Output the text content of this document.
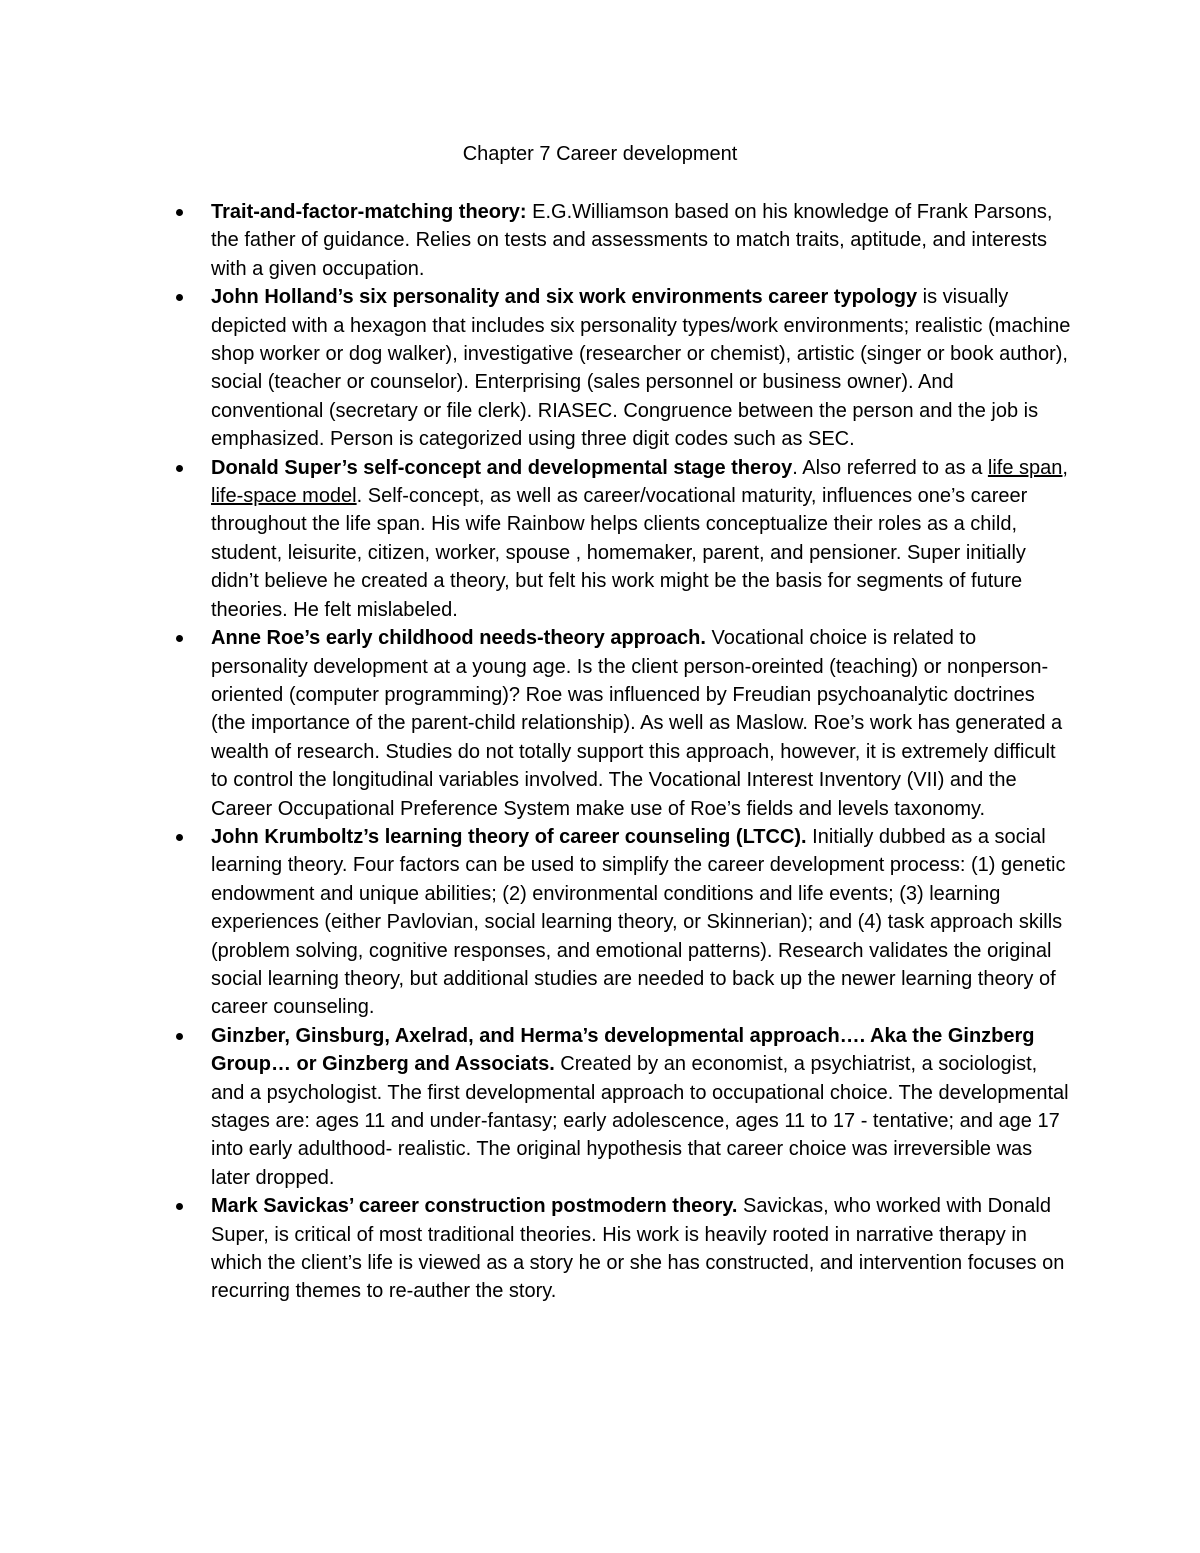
Chapter 7 Career development
Trait-and-factor-matching theory: E.G.Williamson based on his knowledge of Frank Parsons, the father of guidance. Relies on tests and assessments to match traits, aptitude, and interests with a given occupation.
John Holland’s six personality and six work environments career typology is visually depicted with a hexagon that includes six personality types/work environments; realistic (machine shop worker or dog walker), investigative (researcher or chemist), artistic (singer or book author), social (teacher or counselor). Enterprising (sales personnel or business owner). And conventional (secretary or file clerk). RIASEC. Congruence between the person and the job is emphasized. Person is categorized using three digit codes such as SEC.
Donald Super’s self-concept and developmental stage theroy. Also referred to as a life span, life-space model. Self-concept, as well as career/vocational maturity, influences one’s career throughout the life span. His wife Rainbow helps clients conceptualize their roles as a child, student, leisurite, citizen, worker, spouse , homemaker, parent, and pensioner. Super initially didn’t believe he created a theory, but felt his work might be the basis for segments of future theories. He felt mislabeled.
Anne Roe’s early childhood needs-theory approach. Vocational choice is related to personality development at a young age. Is the client person-oreinted (teaching) or nonperson-oriented (computer programming)? Roe was influenced by Freudian psychoanalytic doctrines (the importance of the parent-child relationship). As well as Maslow. Roe’s work has generated a wealth of research. Studies do not totally support this approach, however, it is extremely difficult to control the longitudinal variables involved. The Vocational Interest Inventory (VII) and the Career Occupational Preference System make use of Roe’s fields and levels taxonomy.
John Krumboltz’s learning theory of career counseling (LTCC). Initially dubbed as a social learning theory. Four factors can be used to simplify the career development process: (1) genetic endowment and unique abilities; (2) environmental conditions and life events; (3) learning experiences (either Pavlovian, social learning theory, or Skinnerian); and (4) task approach skills (problem solving, cognitive responses, and emotional patterns). Research validates the original social learning theory, but additional studies are needed to back up the newer learning theory of career counseling.
Ginzber, Ginsburg, Axelrad, and Herma’s developmental approach…. Aka the Ginzberg Group… or Ginzberg and Associats. Created by an economist, a psychiatrist, a sociologist, and a psychologist. The first developmental approach to occupational choice. The developmental stages are: ages 11 and under-fantasy; early adolescence, ages 11 to 17 - tentative; and age 17 into early adulthood- realistic. The original hypothesis that career choice was irreversible was later dropped.
Mark Savickas’ career construction postmodern theory. Savickas, who worked with Donald Super, is critical of most traditional theories. His work is heavily rooted in narrative therapy in which the client’s life is viewed as a story he or she has constructed, and intervention focuses on recurring themes to re-auther the story.
